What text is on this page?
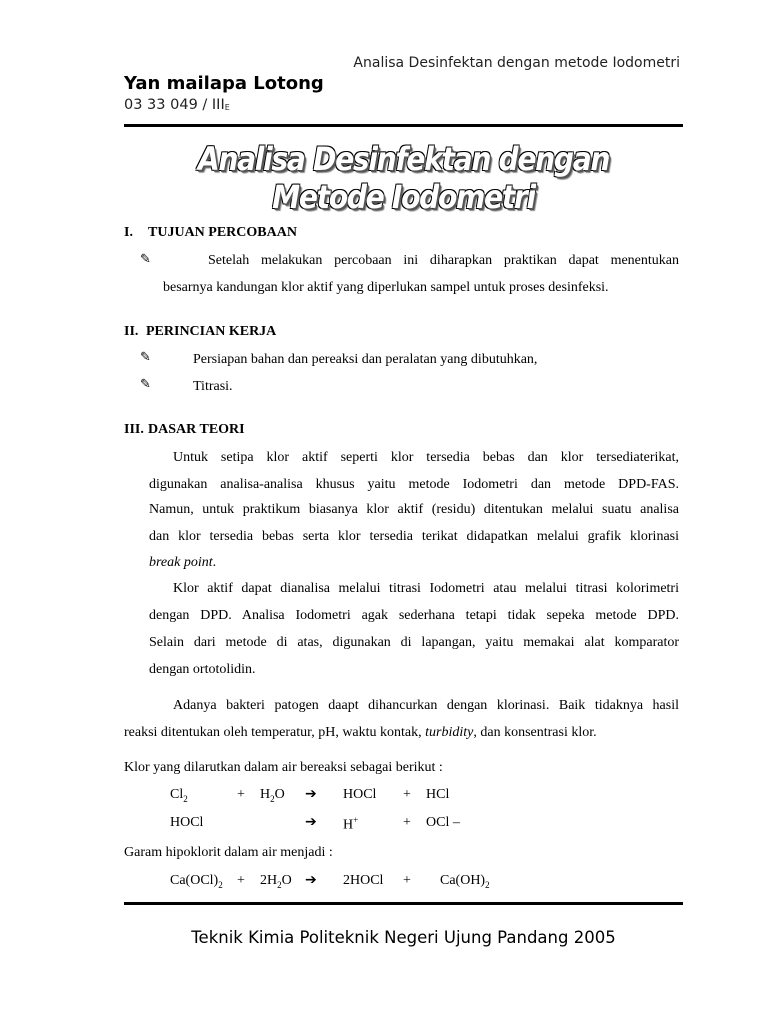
Analisa Desinfektan dengan metode Iodometri
Yan mailapa Lotong
03 33 $049 / III_E$
Analisa Desinfektan dengan Metode Iodometri
I. TUJUAN PERCOBAAN
✎	Setelah melakukan percobaan ini diharapkan praktikan dapat menentukan
besarnya kandungan klor aktif yang diperlukan sampel untuk proses desinfeksi.
II. PERINCIAN KERJA
✎	Persiapan bahan dan pereaksi dan peralatan yang dibutuhkan,
✎	Titrasi.
III. DASAR TEORI
Untuk setipa klor aktif seperti klor tersedia bebas dan klor tersediaterikat,
digunakan analisa-analisa khusus yaitu metode Iodometri dan metode DPD-FAS.
Namun, untuk praktikum biasanya klor aktif (residu) ditentukan melalui suatu analisa
dan klor tersedia bebas serta klor tersedia terikat didapatkan melalui grafik klorinasi
break point.
Klor aktif dapat dianalisa melalui titrasi Iodometri atau melalui titrasi kolorimetri
dengan DPD. Analisa Iodometri agak sederhana tetapi tidak sepeka metode DPD.
Selain dari metode di atas, digunakan di lapangan, yaitu memakai alat komparator
dengan ortotolidin.
Adanya bakteri patogen daapt dihancurkan dengan klorinasi. Baik tidaknya hasil
reaksi ditentukan oleh temperatur, pH, waktu kontak, turbidity, dan konsentrasi klor.
Klor yang dilarutkan dalam air bereaksi sebagai berikut :
$Cl_2$	+ $H_2O$ ➔ HOCl + HCl
HOCl	➔ H+	+ OCl –
Garam hipoklorit dalam air menjadi :
$Ca(OCl)_2 + 2H_2O$ ➔ 2HOCl + $Ca(OH)_2$
Teknik Kimia Politeknik Negeri Ujung Pandang 2005
